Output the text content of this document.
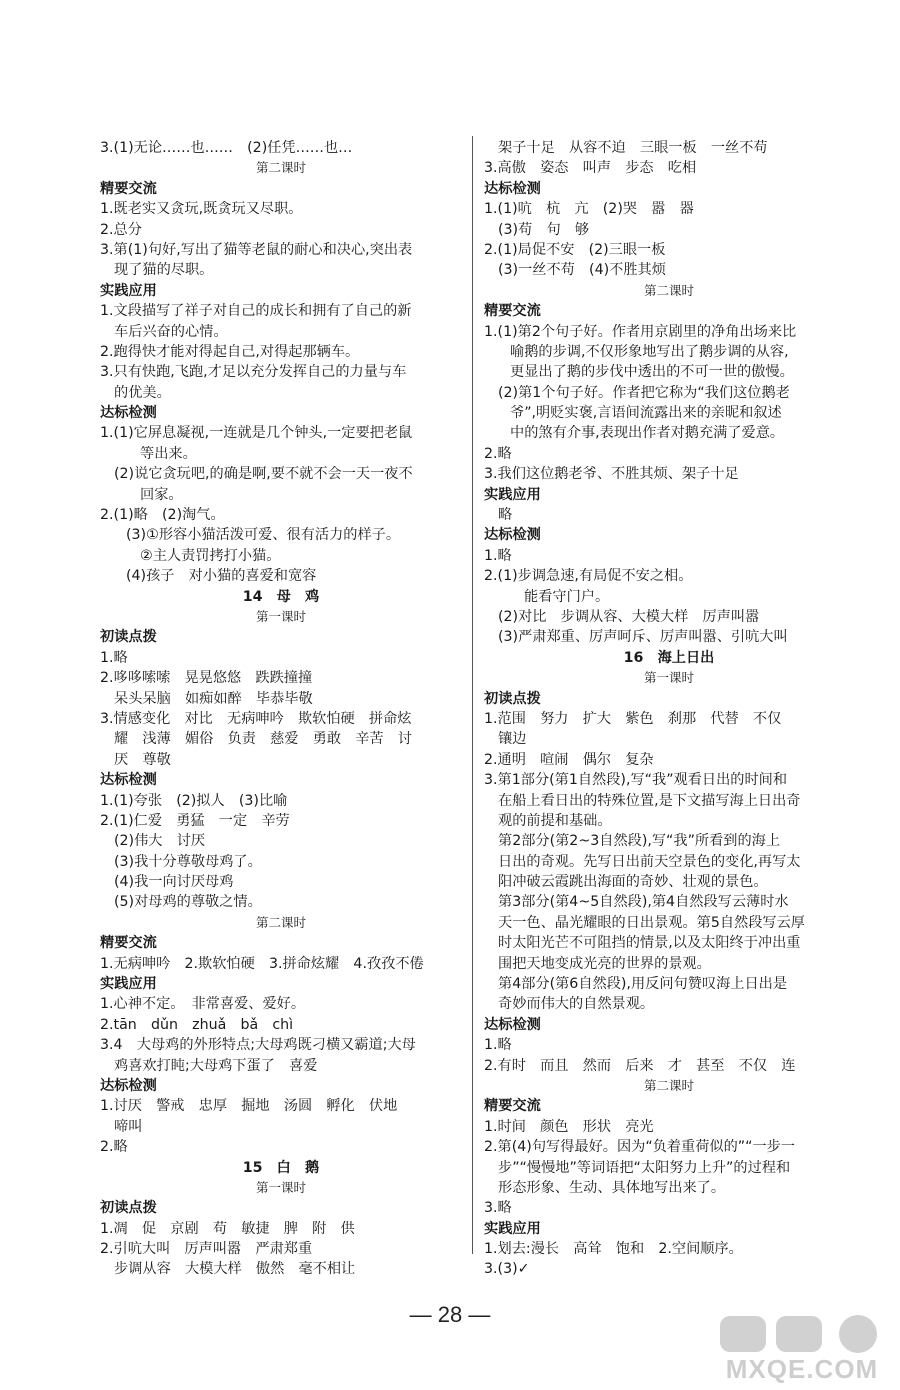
3.(1)无论……也……　(2)任凭……也…
第二课时
精要交流
1.既老实又贪玩,既贪玩又尽职。
2.总分
3.第(1)句好,写出了猫等老鼠的耐心和决心,突出表
现了猫的尽职。
实践应用
1.文段描写了祥子对自己的成长和拥有了自己的新
车后兴奋的心情。
2.跑得快才能对得起自己,对得起那辆车。
3.只有快跑,飞跑,才足以充分发挥自己的力量与车
的优美。
达标检测
1.(1)它屏息凝视,一连就是几个钟头,一定要把老鼠
等出来。
(2)说它贪玩吧,的确是啊,要不就不会一天一夜不
回家。
2.(1)略　(2)淘气。
(3)①形容小猫活泼可爱、很有活力的样子。
②主人责罚拷打小猫。
(4)孩子　对小猫的喜爱和宽容
14　母　鸡
第一课时
初读点拨
1.略
2.哆哆嗦嗦　晃晃悠悠　跌跌撞撞
呆头呆脑　如痴如醉　毕恭毕敬
3.情感变化　对比　无病呻吟　欺软怕硬　拼命炫
耀　浅薄　媚俗　负责　慈爱　勇敢　辛苦　讨
厌　尊敬
达标检测
1.(1)夸张　(2)拟人　(3)比喻
2.(1)仁爱　勇猛　一定　辛劳
(2)伟大　讨厌
(3)我十分尊敬母鸡了。
(4)我一向讨厌母鸡
(5)对母鸡的尊敬之情。
第二课时
精要交流
1.无病呻吟　2.欺软怕硬　3.拼命炫耀　4.孜孜不倦
实践应用
1.心神不定。　非常喜爱、爱好。
2.tān　dǔn　zhuǎ　bǎ　chì
3.4　大母鸡的外形特点;大母鸡既刁横又霸道;大母
鸡喜欢打盹;大母鸡下蛋了　喜爱
达标检测
1.讨厌　警戒　忠厚　掘地　汤圆　孵化　伏地
啼叫
2.略
15　白　鹅
第一课时
初读点拨
1.凋　促　京剧　苟　敏捷　脾　附　供
2.引吭大叫　厉声叫嚣　严肃郑重
步调从容　大模大样　傲然　毫不相让
架子十足　从容不迫　三眼一板　一丝不苟
3.高傲　姿态　叫声　步态　吃相
达标检测
1.(1)吭　杭　亢　(2)哭　嚣　器
(3)苟　句　够
2.(1)局促不安　(2)三眼一板
(3)一丝不苟　(4)不胜其烦
第二课时
精要交流
1.(1)第2个句子好。作者用京剧里的净角出场来比
喻鹅的步调,不仅形象地写出了鹅步调的从容,
更显出了鹅的步伐中透出的不可一世的傲慢。
(2)第1个句子好。作者把它称为“我们这位鹅老
爷”,明贬实褒,言语间流露出来的亲昵和叙述
中的煞有介事,表现出作者对鹅充满了爱意。
2.略
3.我们这位鹅老爷、不胜其烦、架子十足
实践应用
略
达标检测
1.略
2.(1)步调急速,有局促不安之相。
能看守门户。
(2)对比　步调从容、大模大样　厉声叫嚣
(3)严肃郑重、厉声呵斥、厉声叫嚣、引吭大叫
16　海上日出
第一课时
初读点拨
1.范围　努力　扩大　紫色　刹那　代替　不仅
镶边
2.通明　喧闹　偶尔　复杂
3.第1部分(第1自然段),写“我”观看日出的时间和
在船上看日出的特殊位置,是下文描写海上日出奇
观的前提和基础。
第2部分(第2~3自然段),写“我”所看到的海上
日出的奇观。先写日出前天空景色的变化,再写太
阳冲破云霞跳出海面的奇妙、壮观的景色。
第3部分(第4~5自然段),第4自然段写云薄时水
天一色、晶光耀眼的日出景观。第5自然段写云厚
时太阳光芒不可阻挡的情景,以及太阳终于冲出重
围把天地变成光亮的世界的景观。
第4部分(第6自然段),用反问句赞叹海上日出是
奇妙而伟大的自然景观。
达标检测
1.略
2.有时　而且　然而　后来　才　甚至　不仅　连
第二课时
精要交流
1.时间　颜色　形状　亮光
2.第(4)句写得最好。因为“负着重荷似的”“一步一
步”“慢慢地”等词语把“太阳努力上升”的过程和
形态形象、生动、具体地写出来了。
3.略
实践应用
1.划去:漫长　高耸　饱和　2.空间顺序。
3.(3)✓
— 28 —
MXQE.COM
